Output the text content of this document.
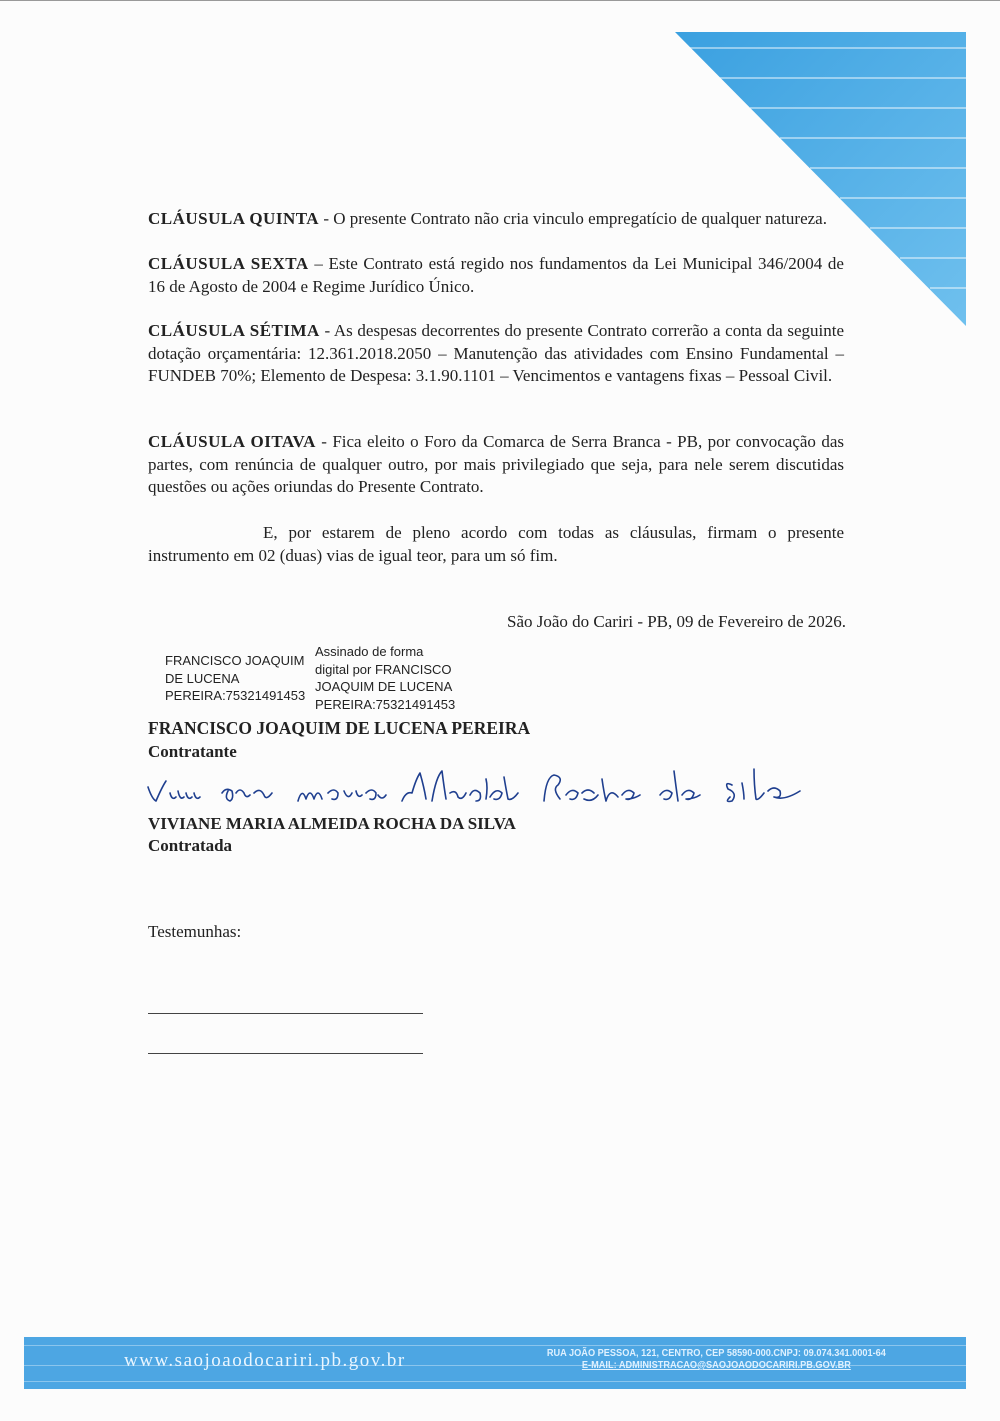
CLÁUSULA QUINTA - O presente Contrato não cria vinculo empregatício de qualquer natureza.
CLÁUSULA SEXTA – Este Contrato está regido nos fundamentos da Lei Municipal 346/2004 de 16 de Agosto de 2004 e Regime Jurídico Único.
CLÁUSULA SÉTIMA - As despesas decorrentes do presente Contrato correrão a conta da seguinte dotação orçamentária: 12.361.2018.2050 – Manutenção das atividades com Ensino Fundamental – FUNDEB 70%; Elemento de Despesa: 3.1.90.1101 – Vencimentos e vantagens fixas – Pessoal Civil.
CLÁUSULA OITAVA - Fica eleito o Foro da Comarca de Serra Branca - PB, por convocação das partes, com renúncia de qualquer outro, por mais privilegiado que seja, para nele serem discutidas questões ou ações oriundas do Presente Contrato.
E, por estarem de pleno acordo com todas as cláusulas, firmam o presente instrumento em 02 (duas) vias de igual teor, para um só fim.
São João do Cariri - PB, 09 de Fevereiro de 2026.
FRANCISCO JOAQUIM
DE LUCENA
PEREIRA:75321491453
Assinado de forma
digital por FRANCISCO
JOAQUIM DE LUCENA
PEREIRA:75321491453
FRANCISCO JOAQUIM DE LUCENA PEREIRA
Contratante
VIVIANE MARIA ALMEIDA ROCHA DA SILVA
Contratada
Testemunhas:
www.saojoaodocariri.pb.gov.br	RUA JOÃO PESSOA, 121, CENTRO, CEP 58590-000.CNPJ: 09.074.341.0001-64
E-MAIL: ADMINISTRACAO@SAOJOAODOCARIRI.PB.GOV.BR
